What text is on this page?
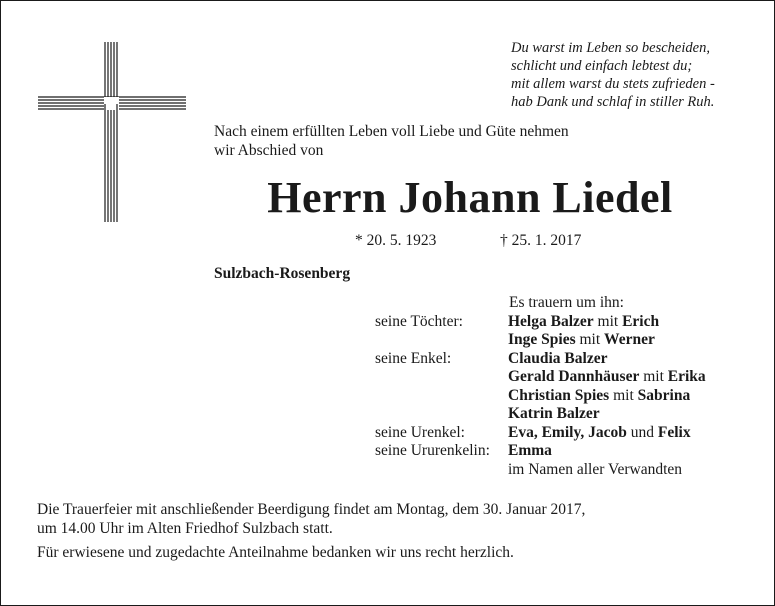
Du warst im Leben so bescheiden,
schlicht und einfach lebtest du;
mit allem warst du stets zufrieden -
hab Dank und schlaf in stiller Ruh.
Nach einem erfüllten Leben voll Liebe und Güte nehmen
wir Abschied von
Herrn Johann Liedel
* 20. 5. 1923	† 25. 1. 2017
Sulzbach-Rosenberg
Es trauern um ihn:
seine Töchter:	Helga Balzer mit Erich
Inge Spies mit Werner
seine Enkel:	Claudia Balzer
Gerald Dannhäuser mit Erika
Christian Spies mit Sabrina
Katrin Balzer
seine Urenkel:	Eva, Emily, Jacob und Felix
seine Ururenkelin: Emma
im Namen aller Verwandten
Die Trauerfeier mit anschließender Beerdigung findet am Montag, dem 30. Januar 2017,
um 14.00 Uhr im Alten Friedhof Sulzbach statt.
Für erwiesene und zugedachte Anteilnahme bedanken wir uns recht herzlich.
